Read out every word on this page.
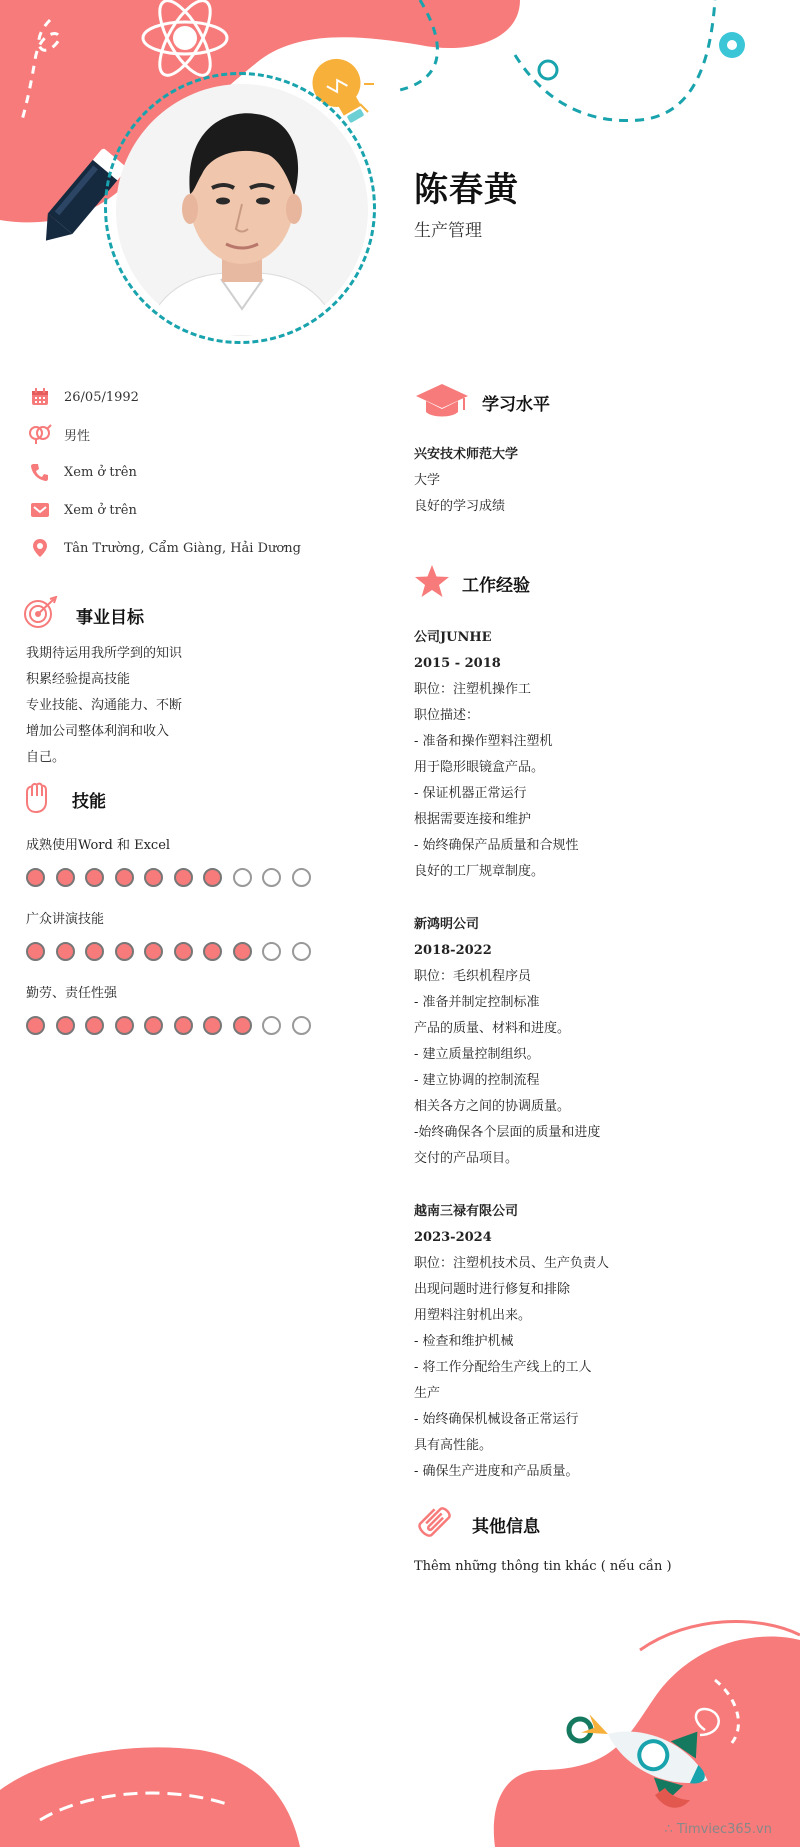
陈春黄
生产管理
26/05/1992
男性
Xem ở trên
Xem ở trên
Tân Trường, Cẩm Giàng, Hải Dương
事业目标
我期待运用我所学到的知识
积累经验提高技能
专业技能、沟通能力、不断
增加公司整体利润和收入
自己。
技能
成熟使用Word 和 Excel
广众讲演技能
勤劳、责任性强
学习水平
兴安技术师范大学
大学
良好的学习成绩
工作经验
公司JUNHE
2015 - 2018
职位：注塑机操作工
职位描述：
- 准备和操作塑料注塑机
用于隐形眼镜盒产品。
- 保证机器正常运行
根据需要连接和维护
- 始终确保产品质量和合规性
良好的工厂规章制度。
新鸿明公司
2018-2022
职位：毛织机程序员
- 准备并制定控制标准
产品的质量、材料和进度。
- 建立质量控制组织。
- 建立协调的控制流程
相关各方之间的协调质量。
-始终确保各个层面的质量和进度
交付的产品项目。
越南三禄有限公司
2023-2024
职位：注塑机技术员、生产负责人
出现问题时进行修复和排除
用塑料注射机出来。
- 检查和维护机械
- 将工作分配给生产线上的工人
生产
- 始终确保机械设备正常运行
具有高性能。
- 确保生产进度和产品质量。
其他信息
Thêm những thông tin khác ( nếu cần )
∴ Timviec365.vn
